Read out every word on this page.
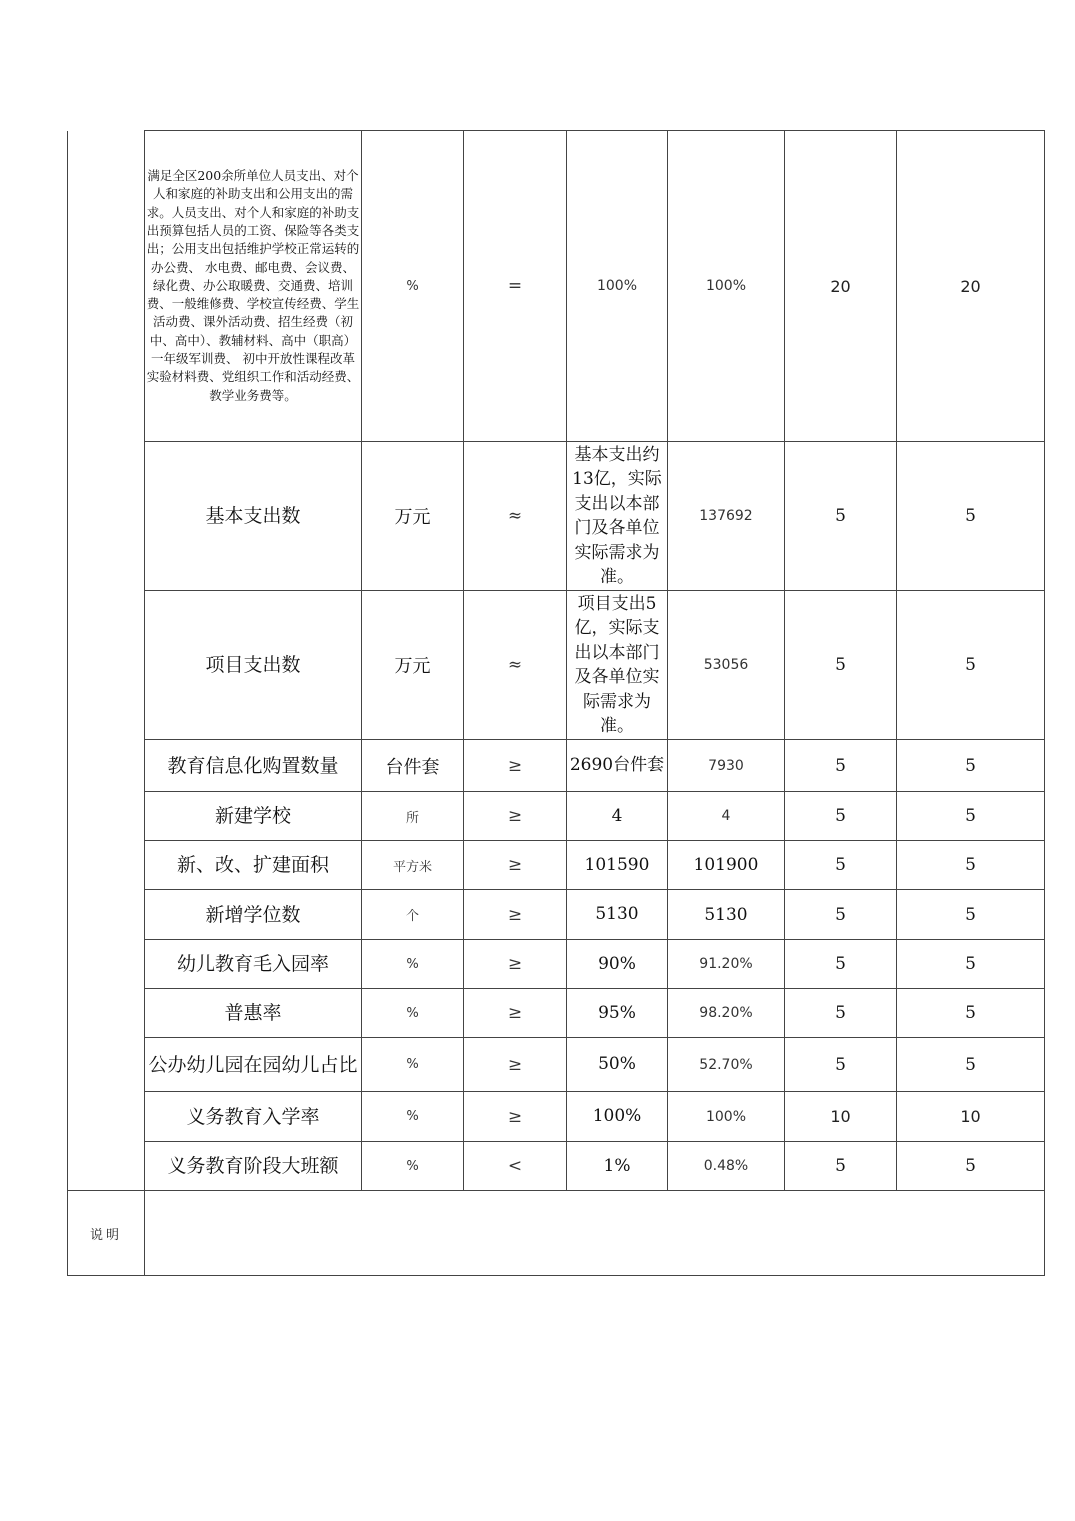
	满足全区200余所单位人员支出、对个人和家庭的补助支出和公用支出的需求。人员支出、对个人和家庭的补助支出预算包括人员的工资、保险等各类支出；公用支出包括维护学校正常运转的办公费、 水电费、邮电费、会议费、绿化费、办公取暖费、交通费、培训费、一般维修费、学校宣传经费、学生活动费、课外活动费、招生经费（初中、高中）、教辅材料、高中（职高）一年级军训费、 初中开放性课程改革实验材料费、党组织工作和活动经费、教学业务费等。	%	=	100%	100%	20	20
	基本支出数	万元	≈	基本支出约13亿，实际支出以本部门及各单位实际需求为准。	137692	5	5
	项目支出数	万元	≈	项目支出5亿，实际支出以本部门及各单位实际需求为准。	53056	5	5
	教育信息化购置数量	台件套	≥	2690台件套	7930	5	5
	新建学校	所	≥	4	4	5	5
	新、改、扩建面积	平方米	≥	101590	101900	5	5
	新增学位数	个	≥	5130	5130	5	5
	幼儿教育毛入园率	%	≥	90%	91.20%	5	5
	普惠率	%	≥	95%	98.20%	5	5
	公办幼儿园在园幼儿占比	%	≥	50%	52.70%	5	5
	义务教育入学率	%	≥	100%	100%	10	10
	义务教育阶段大班额	%	<	1%	0.48%	5	5
说明							
